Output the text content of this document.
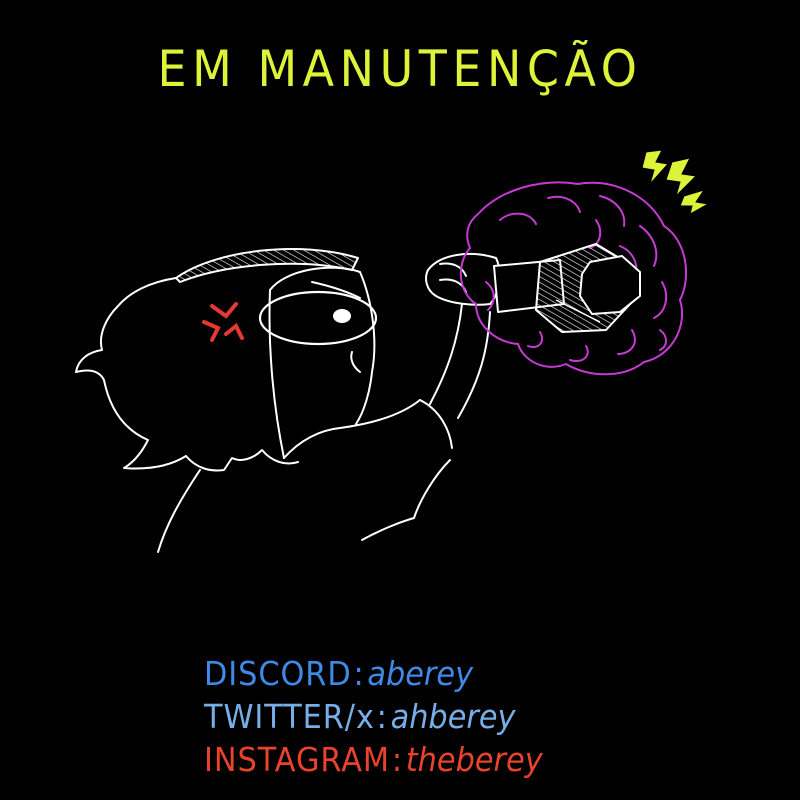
EM MANUTENÇÃO
DISCORD: aberey
TWITTER/x: ahberey
INSTAGRAM: theberey
